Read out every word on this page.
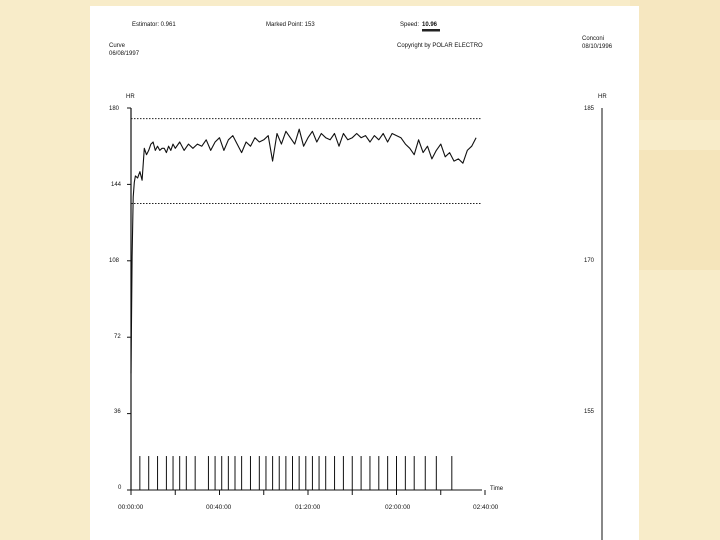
Estimator: 0.961	Marked Point: 153	Speed: 10.96
Copyright by POLAR ELECTRO
Curve
06/08/1997
Conconi
08/10/1996
HR	HR
Time
180
144
108
72
36
0
185
170
155
00:00:00	00:40:00	01:20:00	02:00:00	02:40:00
